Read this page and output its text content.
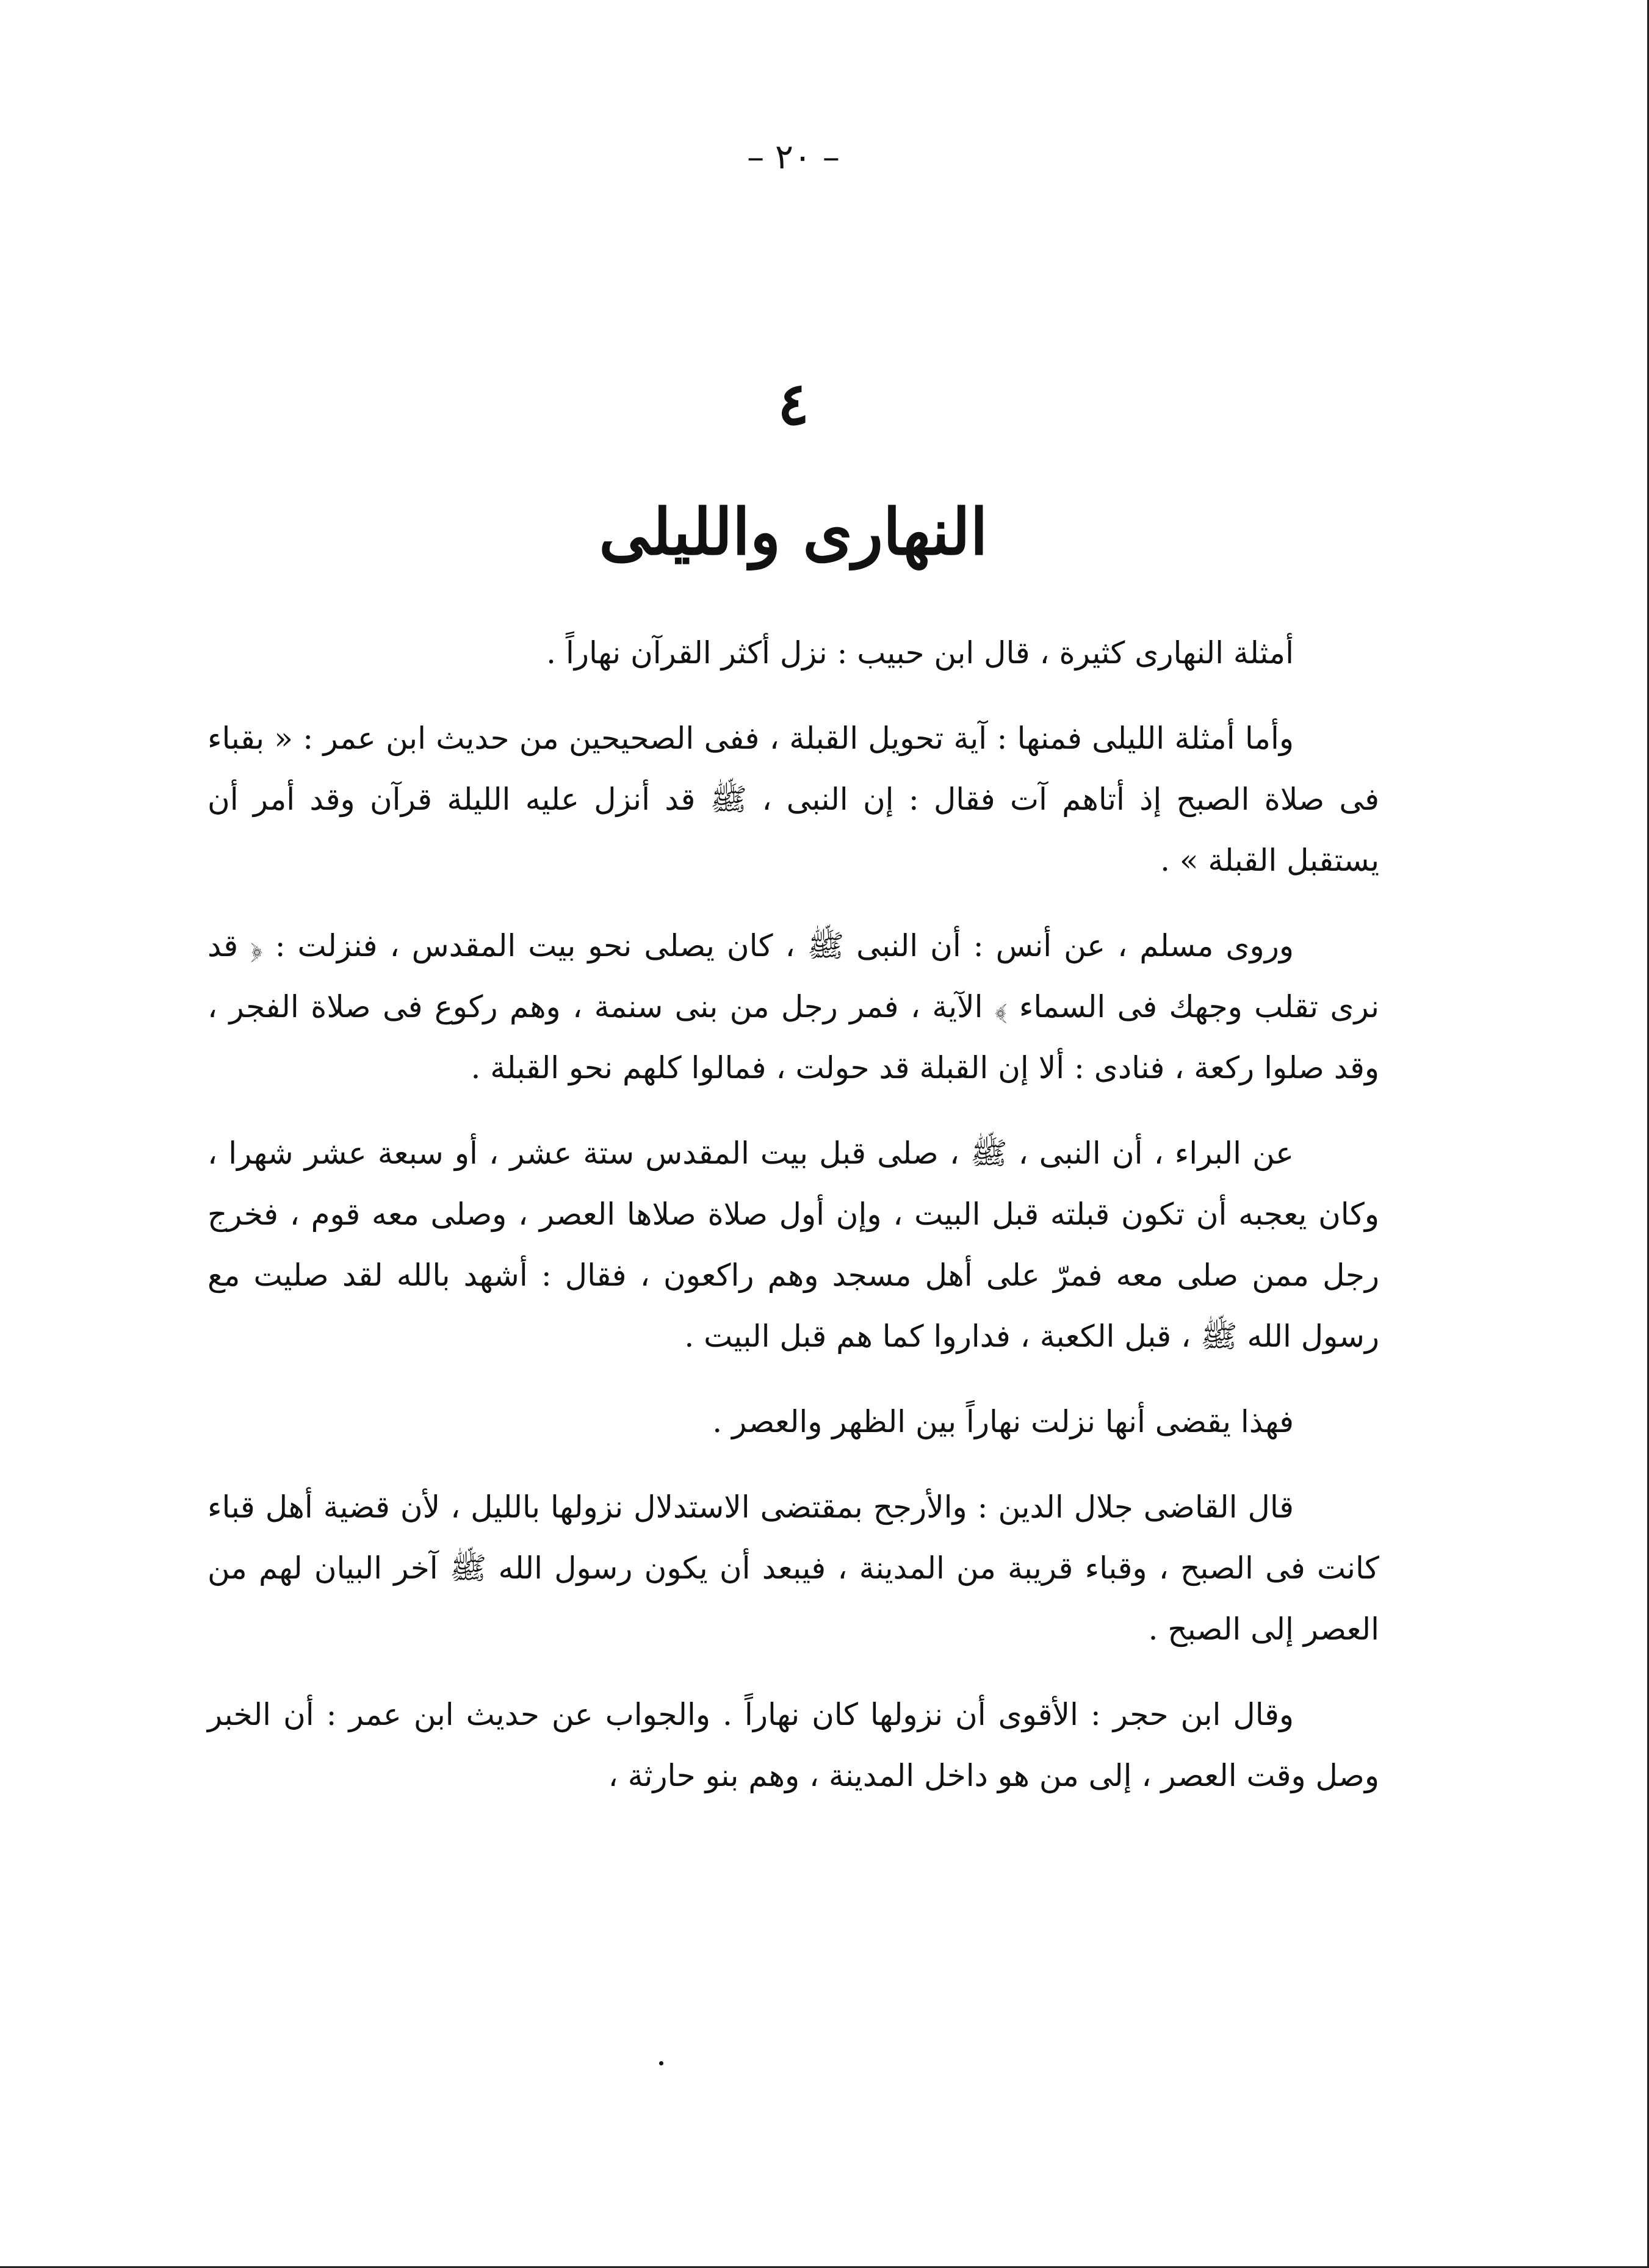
– ٢٠ –
٤
النهارى والليلى

أمثلة النهارى كثيرة ، قال ابن حبيب : نزل أكثر القرآن نهاراً .

وأما أمثلة الليلى فمنها : آية تحويل القبلة ، ففى الصحيحين من حديث ابن عمر : « بقباء فى صلاة الصبح إذ أتاهم آت فقال : إن النبى ، ﷺ قد أنزل عليه الليلة قرآن وقد أمر أن يستقبل القبلة » .

وروى مسلم ، عن أنس : أن النبى ﷺ ، كان يصلى نحو بيت المقدس ، فنزلت : ﴿ قد نرى تقلب وجهك فى السماء ﴾ الآية ، فمر رجل من بنى سنمة ، وهم ركوع فى صلاة الفجر ، وقد صلوا ركعة ، فنادى : ألا إن القبلة قد حولت ، فمالوا كلهم نحو القبلة .

عن البراء ، أن النبى ، ﷺ ، صلى قبل بيت المقدس ستة عشر ، أو سبعة عشر شهرا ، وكان يعجبه أن تكون قبلته قبل البيت ، وإن أول صلاة صلاها العصر ، وصلى معه قوم ، فخرج رجل ممن صلى معه فمرّ على أهل مسجد وهم راكعون ، فقال : أشهد بالله لقد صليت مع رسول الله ﷺ ، قبل الكعبة ، فداروا كما هم قبل البيت .

فهذا يقضى أنها نزلت نهاراً بين الظهر والعصر .

قال القاضى جلال الدين : والأرجح بمقتضى الاستدلال نزولها بالليل ، لأن قضية أهل قباء كانت فى الصبح ، وقباء قريبة من المدينة ، فيبعد أن يكون رسول الله ﷺ آخر البيان لهم من العصر إلى الصبح .

وقال ابن حجر : الأقوى أن نزولها كان نهاراً . والجواب عن حديث ابن عمر : أن الخبر وصل وقت العصر ، إلى من هو داخل المدينة ، وهم بنو حارثة ،
